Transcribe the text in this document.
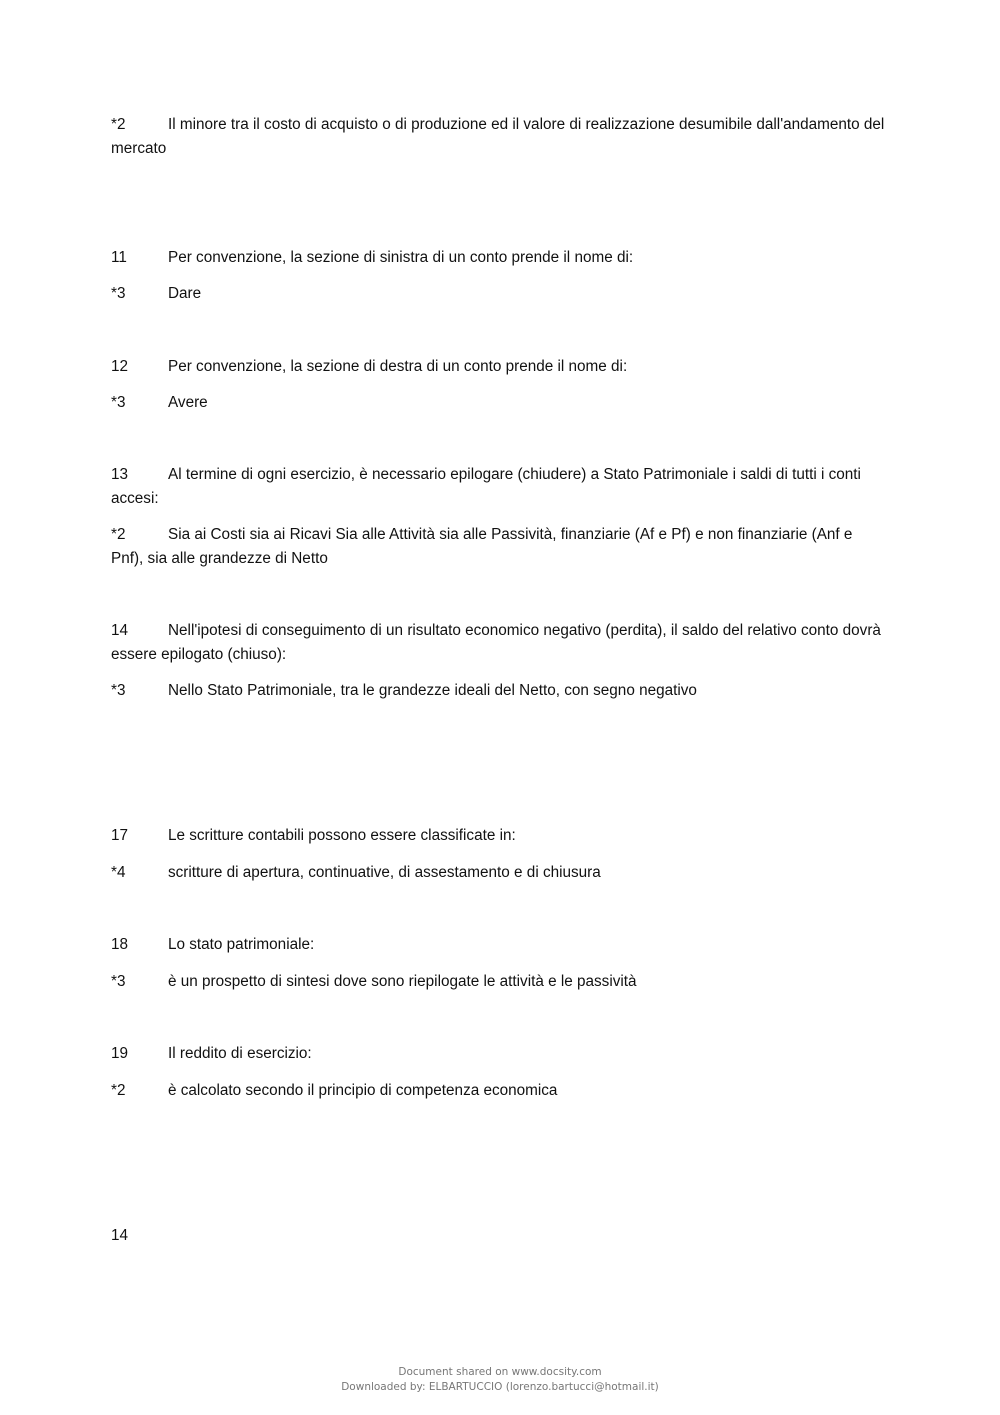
*2	Il minore tra il costo di acquisto o di produzione ed il valore di realizzazione desumibile dall'andamento del mercato

11	Per convenzione, la sezione di sinistra di un conto prende il nome di:

*3	Dare

12	Per convenzione, la sezione di destra di un conto prende il nome di:

*3	Avere

13	Al termine di ogni esercizio, è necessario epilogare (chiudere) a Stato Patrimoniale i saldi di tutti i conti accesi:

*2	Sia ai Costi sia ai Ricavi Sia alle Attività sia alle Passività, finanziarie (Af e Pf) e non finanziarie (Anf e Pnf), sia alle grandezze di Netto

14	Nell'ipotesi di conseguimento di un risultato economico negativo (perdita), il saldo del relativo conto dovrà essere epilogato (chiuso):

*3	Nello Stato Patrimoniale, tra le grandezze ideali del Netto, con segno negativo

17	Le scritture contabili possono essere classificate in:

*4	scritture di apertura, continuative, di assestamento e di chiusura

18	Lo stato patrimoniale:

*3	è un prospetto di sintesi dove sono riepilogate le attività e le passività

19	Il reddito di esercizio:

*2	è calcolato secondo il principio di competenza economica

14

Document shared on www.docsity.com
Downloaded by: ELBARTUCCIO (lorenzo.bartucci@hotmail.it)
